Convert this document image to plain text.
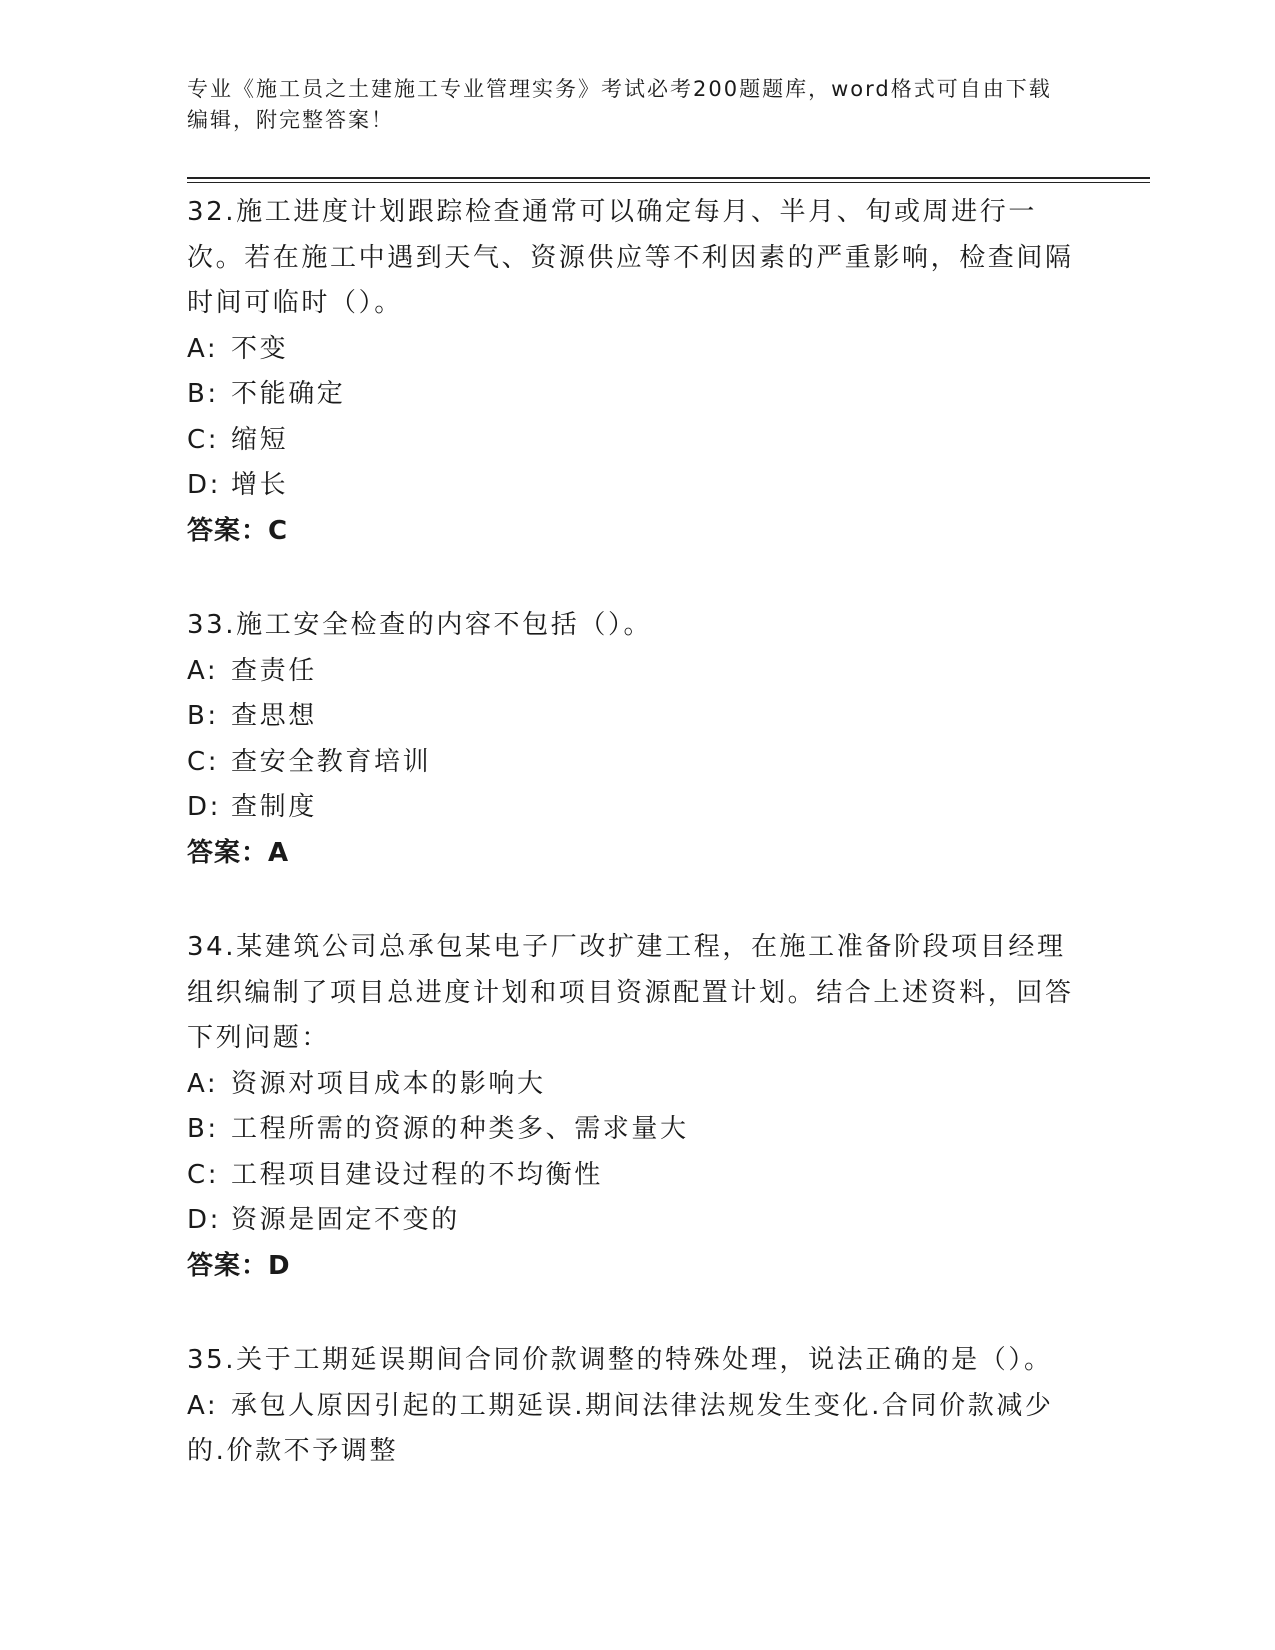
专业《施工员之土建施工专业管理实务》考试必考200题题库，word格式可自由下载编辑，附完整答案！

32.施工进度计划跟踪检查通常可以确定每月、半月、旬或周进行一次。若在施工中遇到天气、资源供应等不利因素的严重影响，检查间隔时间可临时（）。

A: 不变

B: 不能确定

C: 缩短

D: 增长

答案：C

33.施工安全检查的内容不包括（）。

A: 查责任

B: 查思想

C: 查安全教育培训

D: 查制度

答案：A

34.某建筑公司总承包某电子厂改扩建工程，在施工准备阶段项目经理组织编制了项目总进度计划和项目资源配置计划。结合上述资料，回答下列问题：

A: 资源对项目成本的影响大

B: 工程所需的资源的种类多、需求量大

C: 工程项目建设过程的不均衡性

D: 资源是固定不变的

答案：D

35.关于工期延误期间合同价款调整的特殊处理，说法正确的是（）。

A: 承包人原因引起的工期延误.期间法律法规发生变化.合同价款减少的.价款不予调整
